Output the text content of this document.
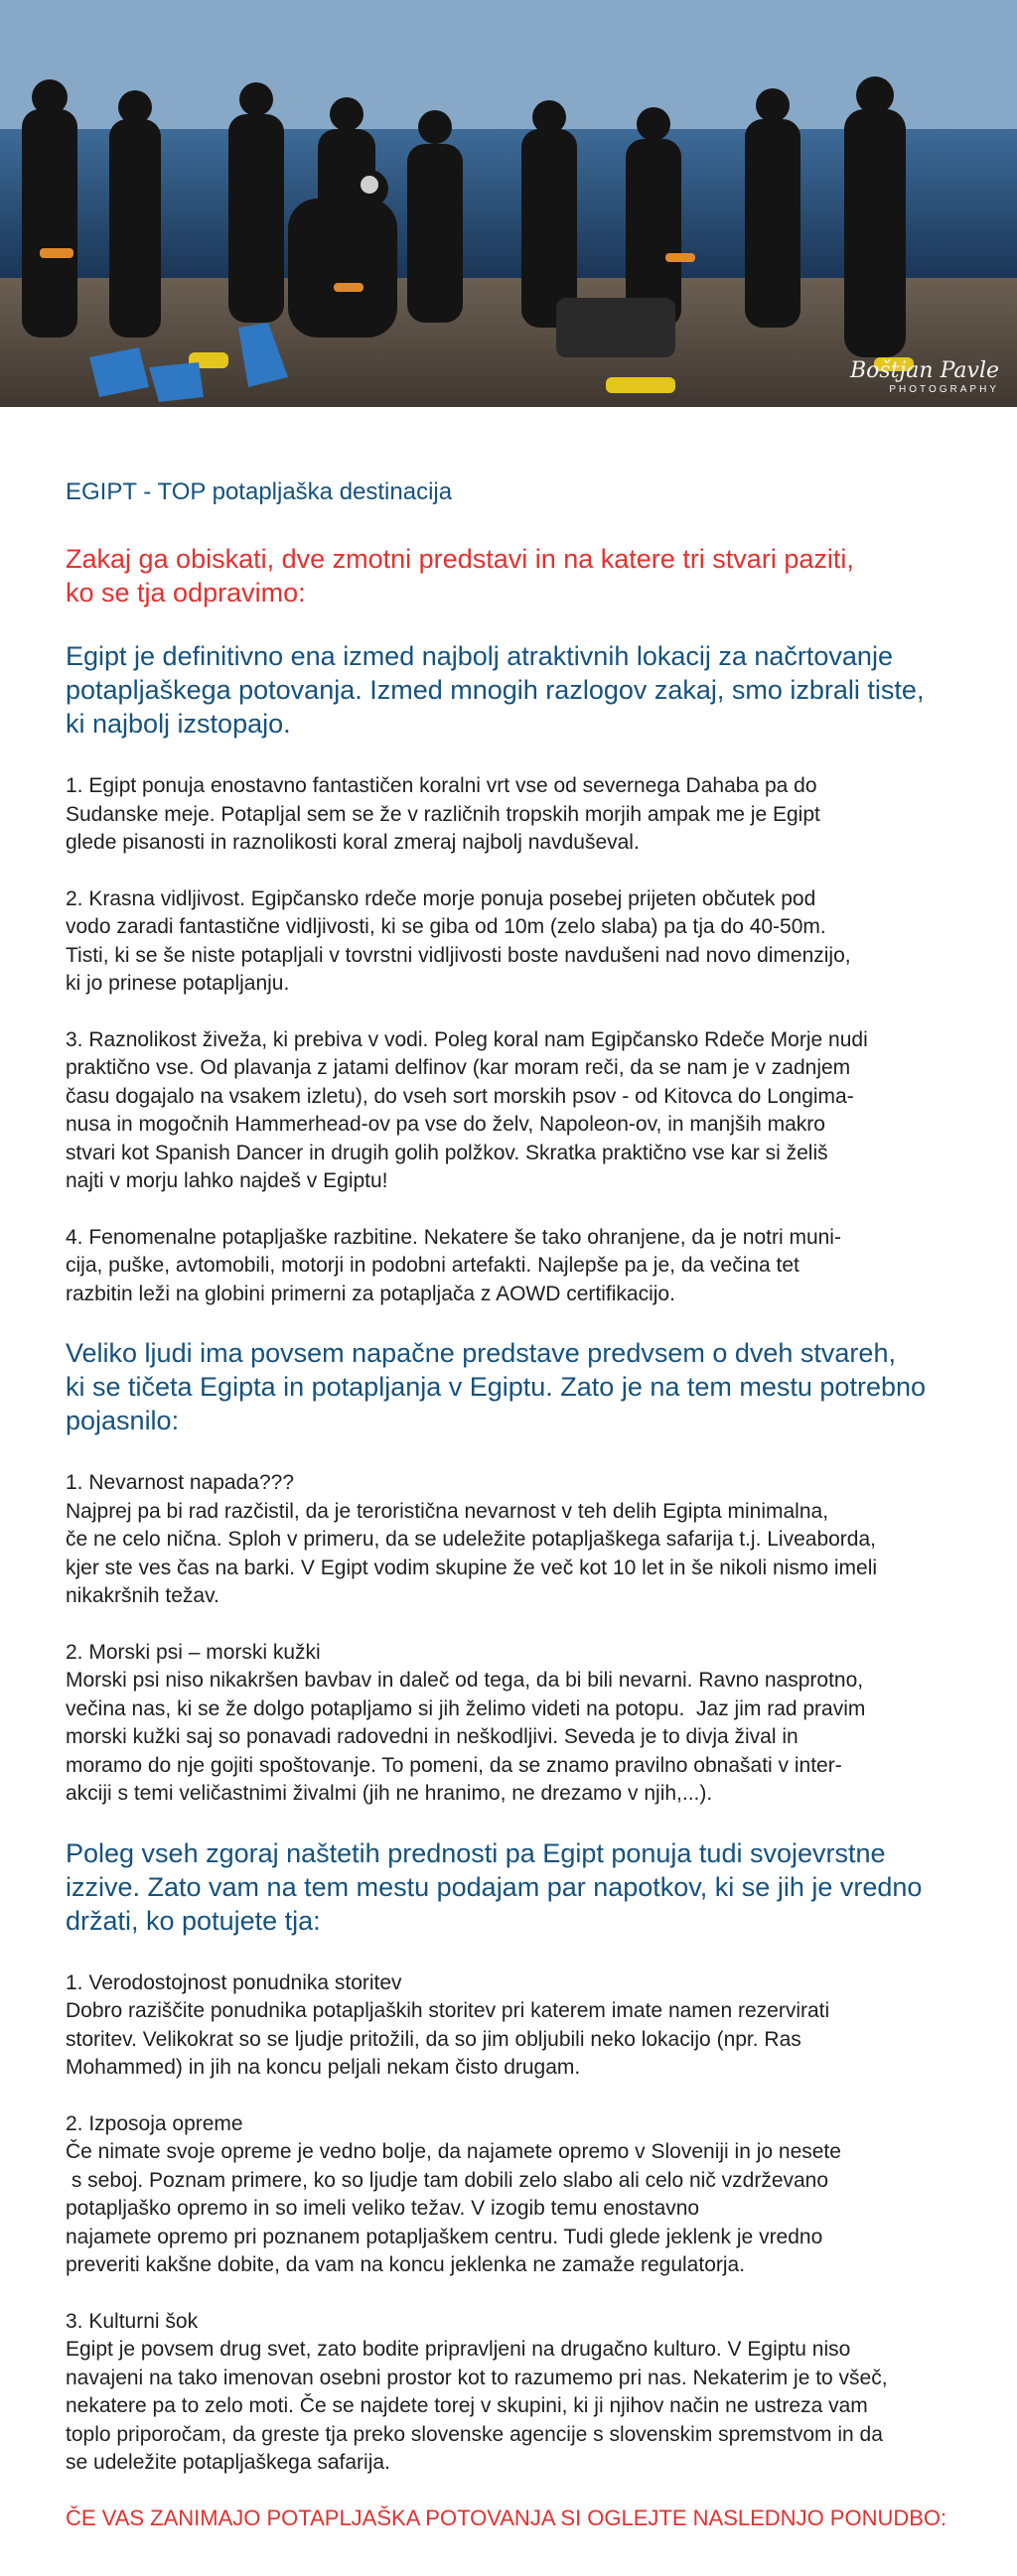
Boštjan Pavle
PHOTOGRAPHY
EGIPT - TOP potapljaška destinacija
Zakaj ga obiskati, dve zmotni predstavi in na katere tri stvari paziti,
ko se tja odpravimo:
Egipt je definitivno ena izmed najbolj atraktivnih lokacij za načrtovanje
potapljaškega potovanja. Izmed mnogih razlogov zakaj, smo izbrali tiste,
ki najbolj izstopajo.

1. Egipt ponuja enostavno fantastičen koralni vrt vse od severnega Dahaba pa do
Sudanske meje. Potapljal sem se že v različnih tropskih morjih ampak me je Egipt
glede pisanosti in raznolikosti koral zmeraj najbolj navduševal.

2. Krasna vidljivost. Egipčansko rdeče morje ponuja posebej prijeten občutek pod
vodo zaradi fantastične vidljivosti, ki se giba od 10m (zelo slaba) pa tja do 40-50m.
Tisti, ki se še niste potapljali v tovrstni vidljivosti boste navdušeni nad novo dimenzijo,
ki jo prinese potapljanju.

3. Raznolikost živeža, ki prebiva v vodi. Poleg koral nam Egipčansko Rdeče Morje nudi
praktično vse. Od plavanja z jatami delfinov (kar moram reči, da se nam je v zadnjem
času dogajalo na vsakem izletu), do vseh sort morskih psov - od Kitovca do Longima-
nusa in mogočnih Hammerhead-ov pa vse do želv, Napoleon-ov, in manjših makro
stvari kot Spanish Dancer in drugih golih polžkov. Skratka praktično vse kar si želiš
najti v morju lahko najdeš v Egiptu!

4. Fenomenalne potapljaške razbitine. Nekatere še tako ohranjene, da je notri muni-
cija, puške, avtomobili, motorji in podobni artefakti. Najlepše pa je, da večina tet
razbitin leži na globini primerni za potapljača z AOWD certifikacijo.

Veliko ljudi ima povsem napačne predstave predvsem o dveh stvareh,
ki se tičeta Egipta in potapljanja v Egiptu. Zato je na tem mestu potrebno
pojasnilo:

1. Nevarnost napada???
Najprej pa bi rad razčistil, da je teroristična nevarnost v teh delih Egipta minimalna,
če ne celo nična. Sploh v primeru, da se udeležite potapljaškega safarija t.j. Liveaborda,
kjer ste ves čas na barki. V Egipt vodim skupine že več kot 10 let in še nikoli nismo imeli
nikakršnih težav.

2. Morski psi – morski kužki
Morski psi niso nikakršen bavbav in daleč od tega, da bi bili nevarni. Ravno nasprotno,
večina nas, ki se že dolgo potapljamo si jih želimo videti na potopu.  Jaz jim rad pravim
morski kužki saj so ponavadi radovedni in neškodljivi. Seveda je to divja žival in
moramo do nje gojiti spoštovanje. To pomeni, da se znamo pravilno obnašati v inter-
akciji s temi veličastnimi živalmi (jih ne hranimo, ne drezamo v njih,...).

Poleg vseh zgoraj naštetih prednosti pa Egipt ponuja tudi svojevrstne
izzive. Zato vam na tem mestu podajam par napotkov, ki se jih je vredno
držati, ko potujete tja:

1. Verodostojnost ponudnika storitev
Dobro raziščite ponudnika potapljaških storitev pri katerem imate namen rezervirati
storitev. Velikokrat so se ljudje pritožili, da so jim obljubili neko lokacijo (npr. Ras
Mohammed) in jih na koncu peljali nekam čisto drugam.

2. Izposoja opreme
Če nimate svoje opreme je vedno bolje, da najamete opremo v Sloveniji in jo nesete
s seboj. Poznam primere, ko so ljudje tam dobili zelo slabo ali celo nič vzdrževano
potapljaško opremo in so imeli veliko težav. V izogib temu enostavno
najamete opremo pri poznanem potapljaškem centru. Tudi glede jeklenk je vredno
preveriti kakšne dobite, da vam na koncu jeklenka ne zamaže regulatorja.

3. Kulturni šok
Egipt je povsem drug svet, zato bodite pripravljeni na drugačno kulturo. V Egiptu niso
navajeni na tako imenovan osebni prostor kot to razumemo pri nas. Nekaterim je to všeč,
nekatere pa to zelo moti. Če se najdete torej v skupini, ki ji njihov način ne ustreza vam
toplo priporočam, da greste tja preko slovenske agencije s slovenskim spremstvom in da
se udeležite potapljaškega safarija.

ČE VAS ZANIMAJO POTAPLJAŠKA POTOVANJA SI OGLEJTE NASLEDNJO PONUDBO:
